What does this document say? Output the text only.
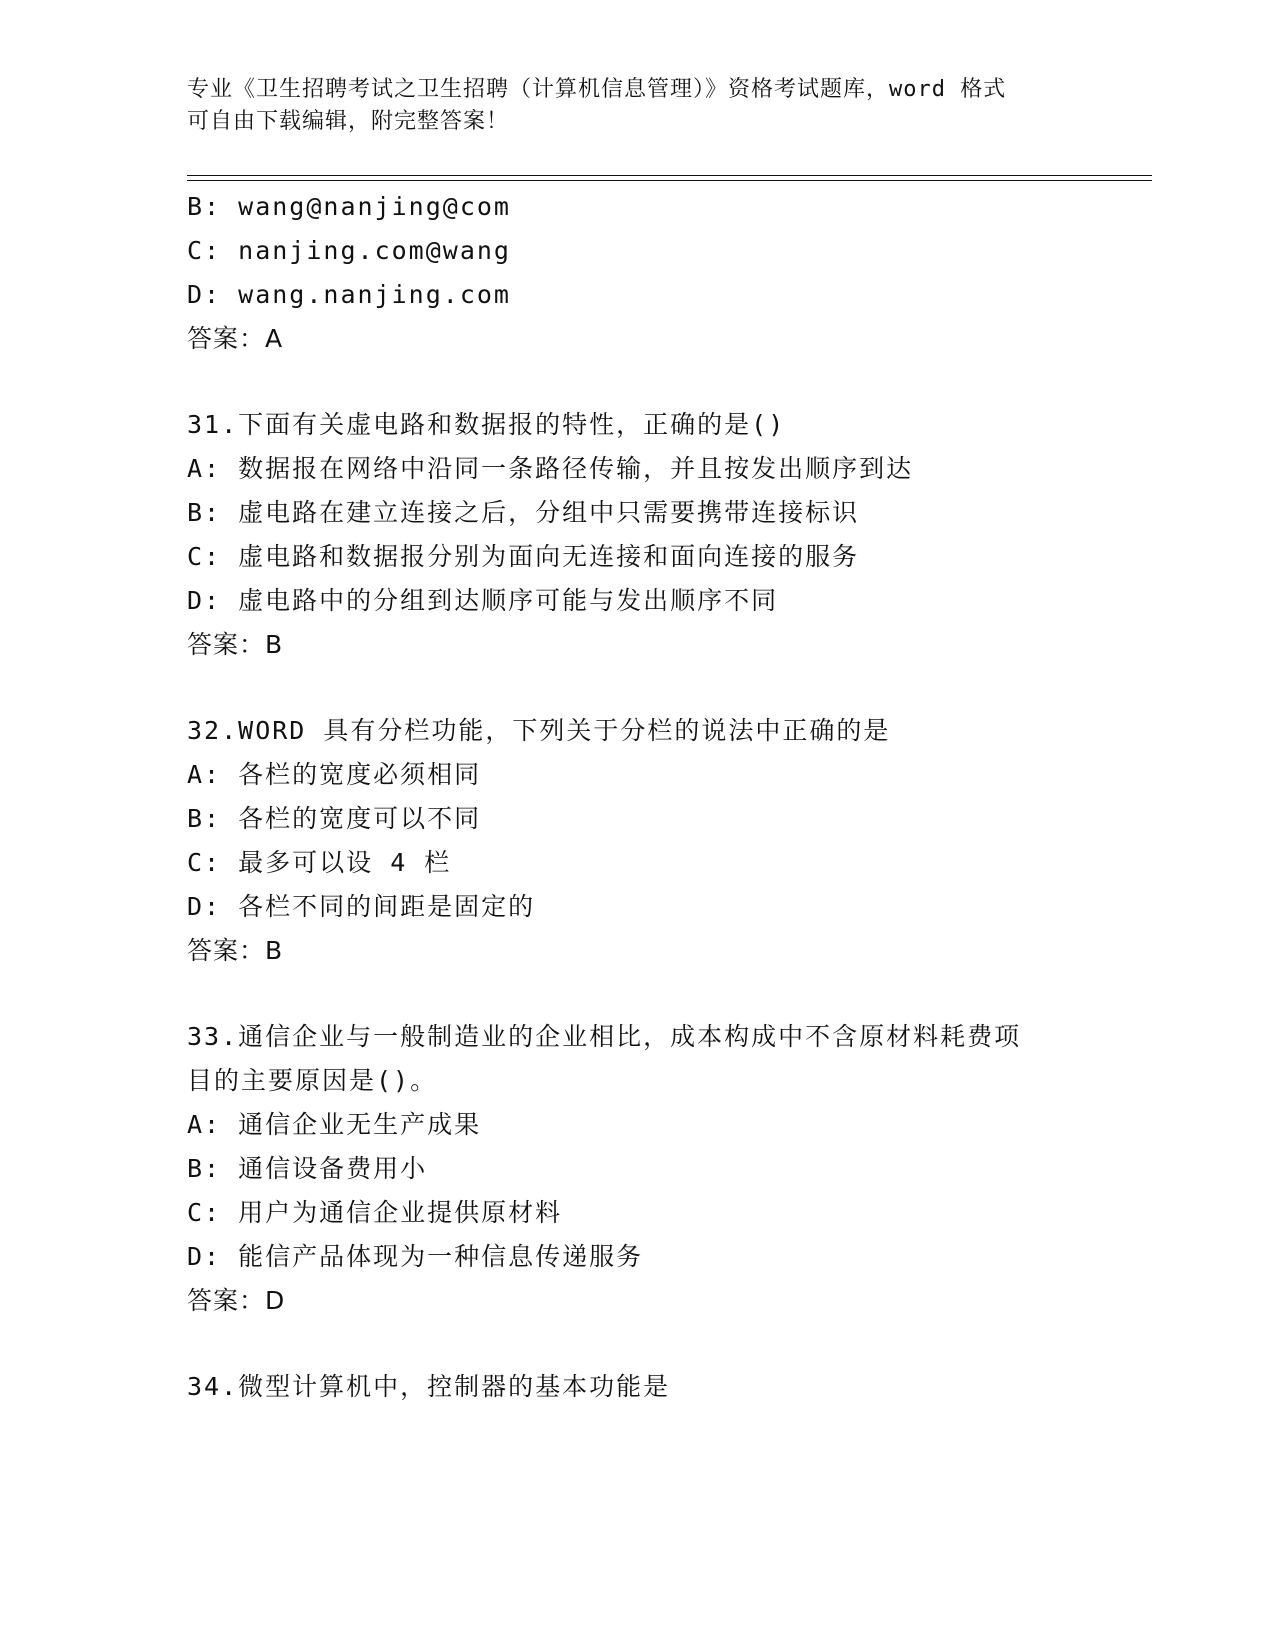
专业《卫生招聘考试之卫生招聘（计算机信息管理）》资格考试题库，word 格式
可自由下载编辑，附完整答案！
B: wang@nanjing@com
C: nanjing.com@wang
D: wang.nanjing.com
答案：A
31.下面有关虚电路和数据报的特性，正确的是()
A: 数据报在网络中沿同一条路径传输，并且按发出顺序到达
B: 虚电路在建立连接之后，分组中只需要携带连接标识
C: 虚电路和数据报分别为面向无连接和面向连接的服务
D: 虚电路中的分组到达顺序可能与发出顺序不同
答案：B
32.WORD 具有分栏功能，下列关于分栏的说法中正确的是
A: 各栏的宽度必须相同
B: 各栏的宽度可以不同
C: 最多可以设 4 栏
D: 各栏不同的间距是固定的
答案：B
33.通信企业与一般制造业的企业相比，成本构成中不含原材料耗费项
目的主要原因是()。
A: 通信企业无生产成果
B: 通信设备费用小
C: 用户为通信企业提供原材料
D: 能信产品体现为一种信息传递服务
答案：D
34.微型计算机中，控制器的基本功能是
